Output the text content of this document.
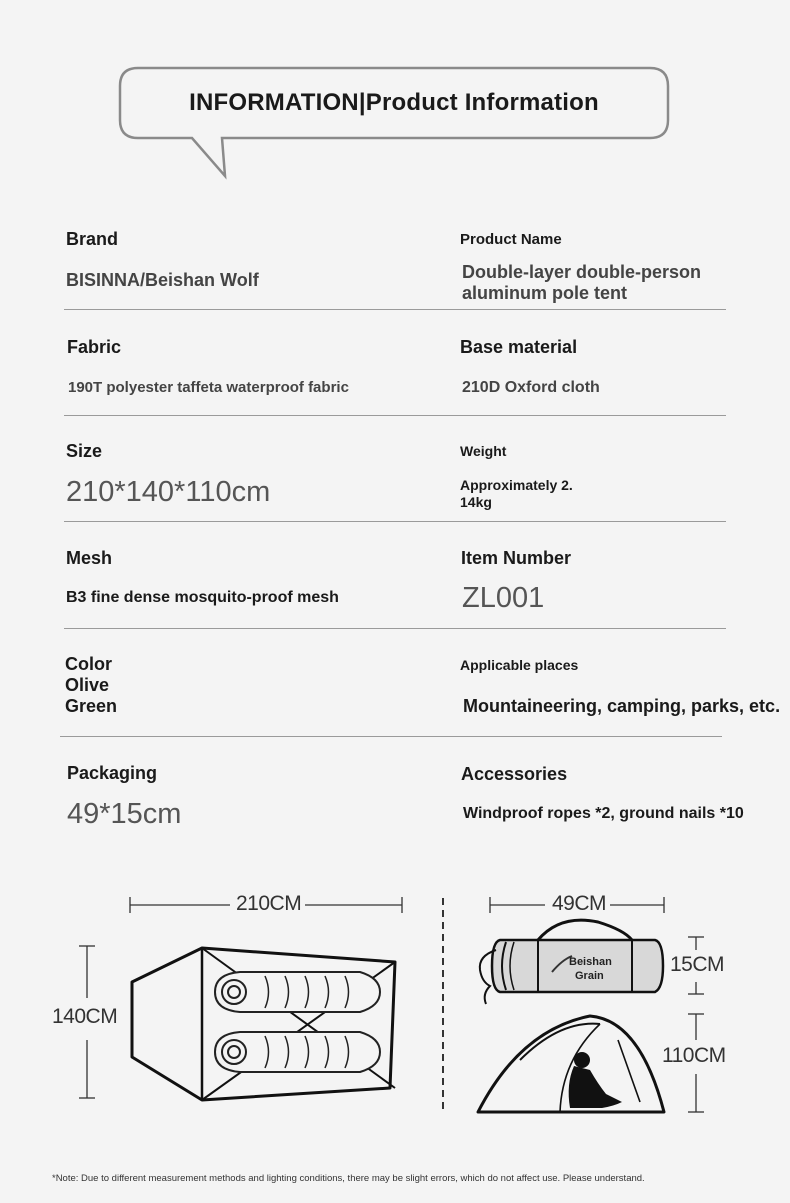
INFORMATION|Product Information
Brand
BISINNA/Beishan Wolf
Product Name
Double-layer double-person
aluminum pole tent
Fabric
190T polyester taffeta waterproof fabric
Base material
210D Oxford cloth
Size
210*140*110cm
Weight
Approximately 2.
14kg
Mesh
B3 fine dense mosquito-proof mesh
Item Number
ZL001
Color
Olive
Green
Applicable places
Mountaineering, camping, parks, etc.
Packaging
49*15cm
Accessories
Windproof ropes *2, ground nails *10
Beishan
Grain
210CM
140CM
49CM
15CM
110CM
*Note: Due to different measurement methods and lighting conditions, there may be slight errors, which do not affect use. Please understand.
